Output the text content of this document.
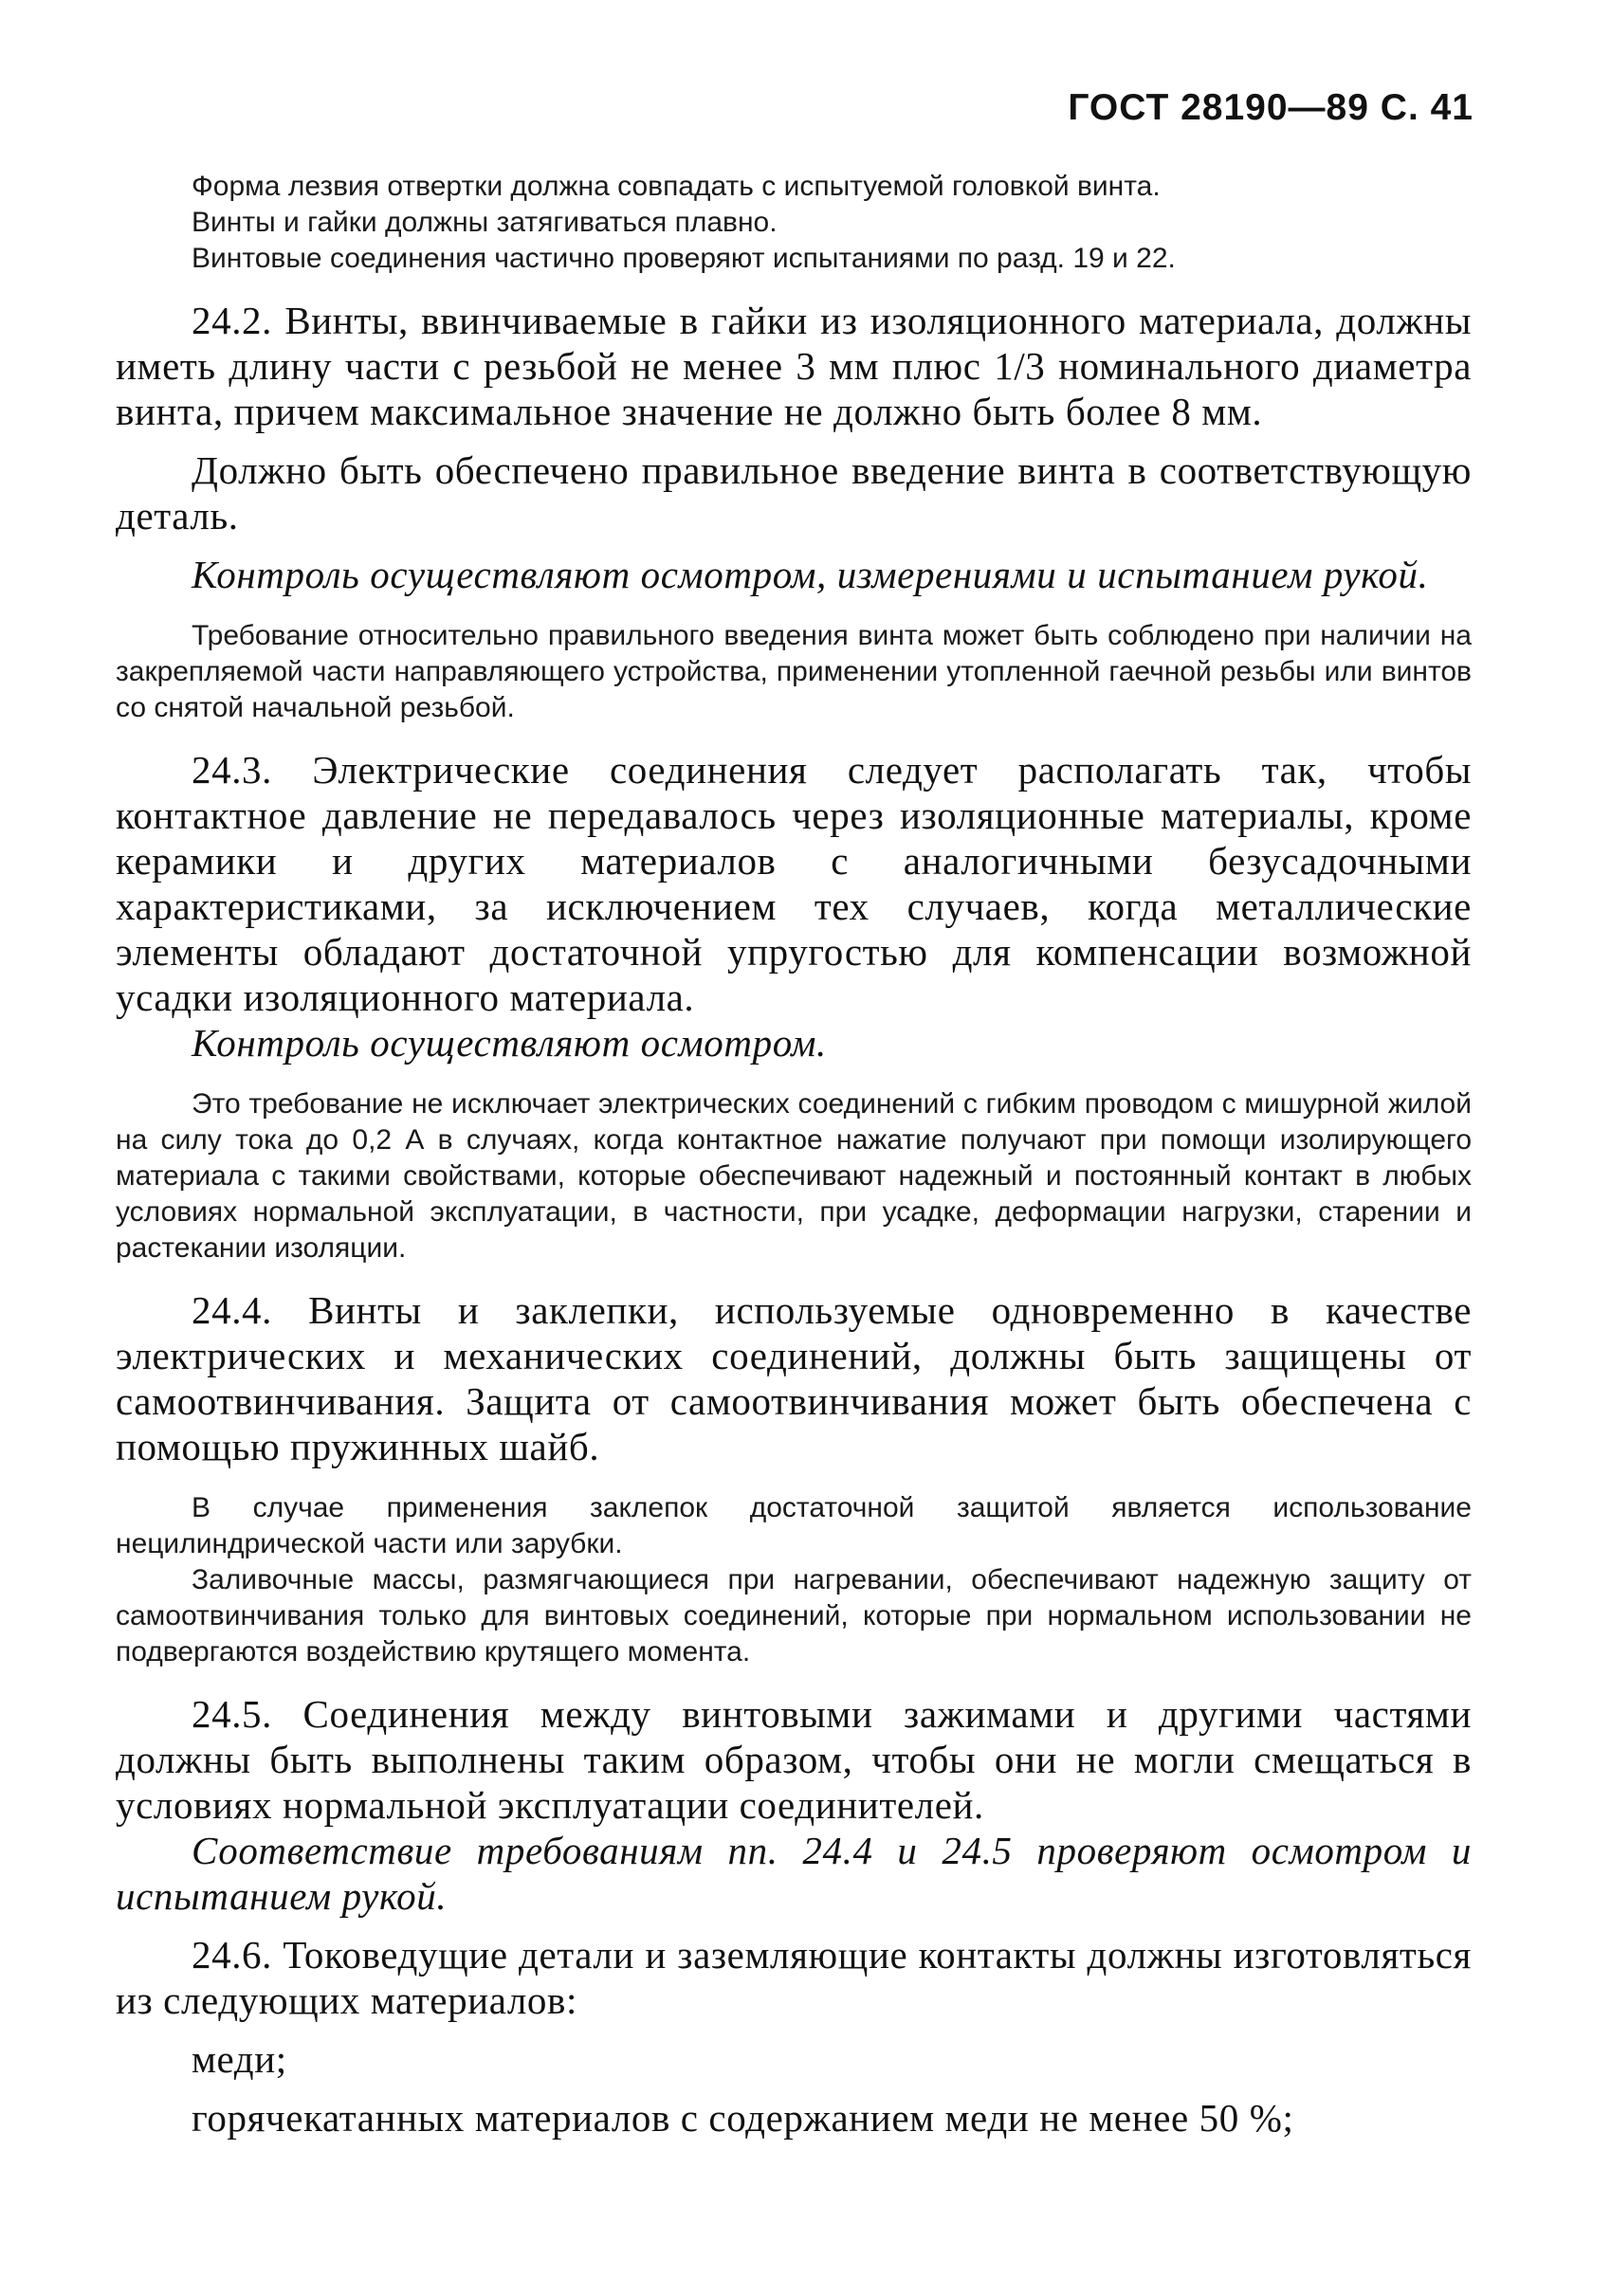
ГОСТ 28190—89 С. 41

Форма лезвия отвертки должна совпадать с испытуемой головкой винта.

Винты и гайки должны затягиваться плавно.

Винтовые соединения частично проверяют испытаниями по разд. 19 и 22.

24.2. Винты, ввинчиваемые в гайки из изоляционного материала, должны иметь длину части с резьбой не менее 3 мм плюс 1/3 номинального диаметра винта, причем максимальное значение не должно быть более 8 мм.

Должно быть обеспечено правильное введение винта в соответствующую деталь.

Контроль осуществляют осмотром, измерениями и испытанием рукой.

Требование относительно правильного введения винта может быть соблюдено при наличии на закрепляемой части направляющего устройства, применении утопленной гаечной резьбы или винтов со снятой начальной резьбой.

24.3. Электрические соединения следует располагать так, чтобы контактное давление не передавалось через изоляционные материалы, кроме керамики и других материалов с аналогичными безусадочными характеристиками, за исключением тех случаев, когда металлические элементы обладают достаточной упругостью для компенсации возможной усадки изоляционного материала.

Контроль осуществляют осмотром.

Это требование не исключает электрических соединений с гибким проводом с мишурной жилой на силу тока до 0,2 А в случаях, когда контактное нажатие получают при помощи изолирующего материала с такими свойствами, которые обеспечивают надежный и постоянный контакт в любых условиях нормальной эксплуатации, в частности, при усадке, деформации нагрузки, старении и растекании изоляции.

24.4. Винты и заклепки, используемые одновременно в качестве электрических и механических соединений, должны быть защищены от самоотвинчивания. Защита от самоотвинчивания может быть обеспечена с помощью пружинных шайб.

В случае применения заклепок достаточной защитой является использование нецилиндрической части или зарубки.

Заливочные массы, размягчающиеся при нагревании, обеспечивают надежную защиту от самоотвинчивания только для винтовых соединений, которые при нормальном использовании не подвергаются воздействию крутящего момента.

24.5. Соединения между винтовыми зажимами и другими частями должны быть выполнены таким образом, чтобы они не могли смещаться в условиях нормальной эксплуатации соединителей.

Соответствие требованиям пп. 24.4 и 24.5 проверяют осмотром и испытанием рукой.

24.6. Токоведущие детали и заземляющие контакты должны изготовляться из следующих материалов:

меди;

горячекатанных материалов с содержанием меди не менее 50 %;
